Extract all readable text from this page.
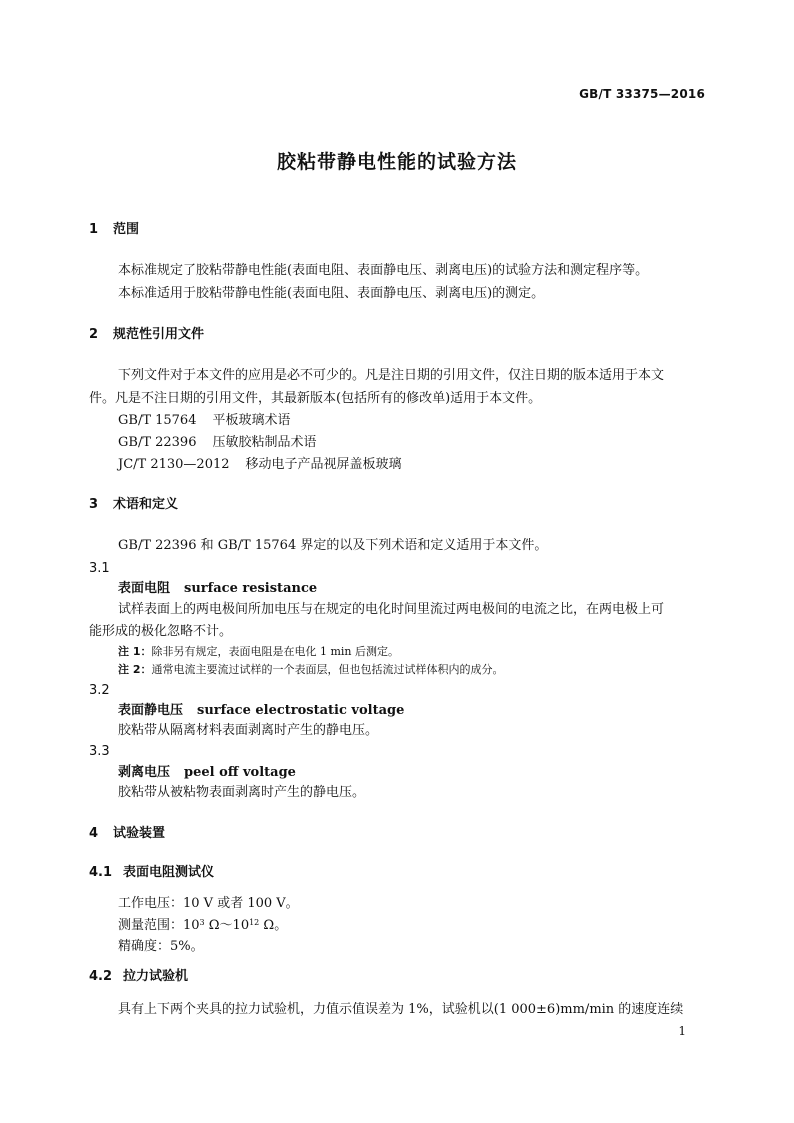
GB/T 33375—2016
胶粘带静电性能的试验方法
1 范围
本标准规定了胶粘带静电性能(表面电阻、表面静电压、剥离电压)的试验方法和测定程序等。
本标准适用于胶粘带静电性能(表面电阻、表面静电压、剥离电压)的测定。
2 规范性引用文件
下列文件对于本文件的应用是必不可少的。凡是注日期的引用文件，仅注日期的版本适用于本文
件。凡是不注日期的引用文件，其最新版本(包括所有的修改单)适用于本文件。
GB/T 15764 平板玻璃术语
GB/T 22396 压敏胶粘制品术语
JC/T 2130—2012 移动电子产品视屏盖板玻璃
3 术语和定义
GB/T 22396 和 GB/T 15764 界定的以及下列术语和定义适用于本文件。
3.1
表面电阻 surface resistance
试样表面上的两电极间所加电压与在规定的电化时间里流过两电极间的电流之比，在两电极上可
能形成的极化忽略不计。
注 1：除非另有规定，表面电阻是在电化 1 min 后测定。
注 2：通常电流主要流过试样的一个表面层，但也包括流过试样体积内的成分。
3.2
表面静电压 surface electrostatic voltage
胶粘带从隔离材料表面剥离时产生的静电压。
3.3
剥离电压 peel off voltage
胶粘带从被粘物表面剥离时产生的静电压。
4 试验装置
4.1 表面电阻测试仪
工作电压：10 V 或者 100 V。
测量范围：$10^3$ $\Omega\sim 10^{12}$ Ω。
精确度：5%。
4.2 拉力试验机
具有上下两个夹具的拉力试验机，力值示值误差为 1%，试验机以(1 000±6)mm/min 的速度连续
1
